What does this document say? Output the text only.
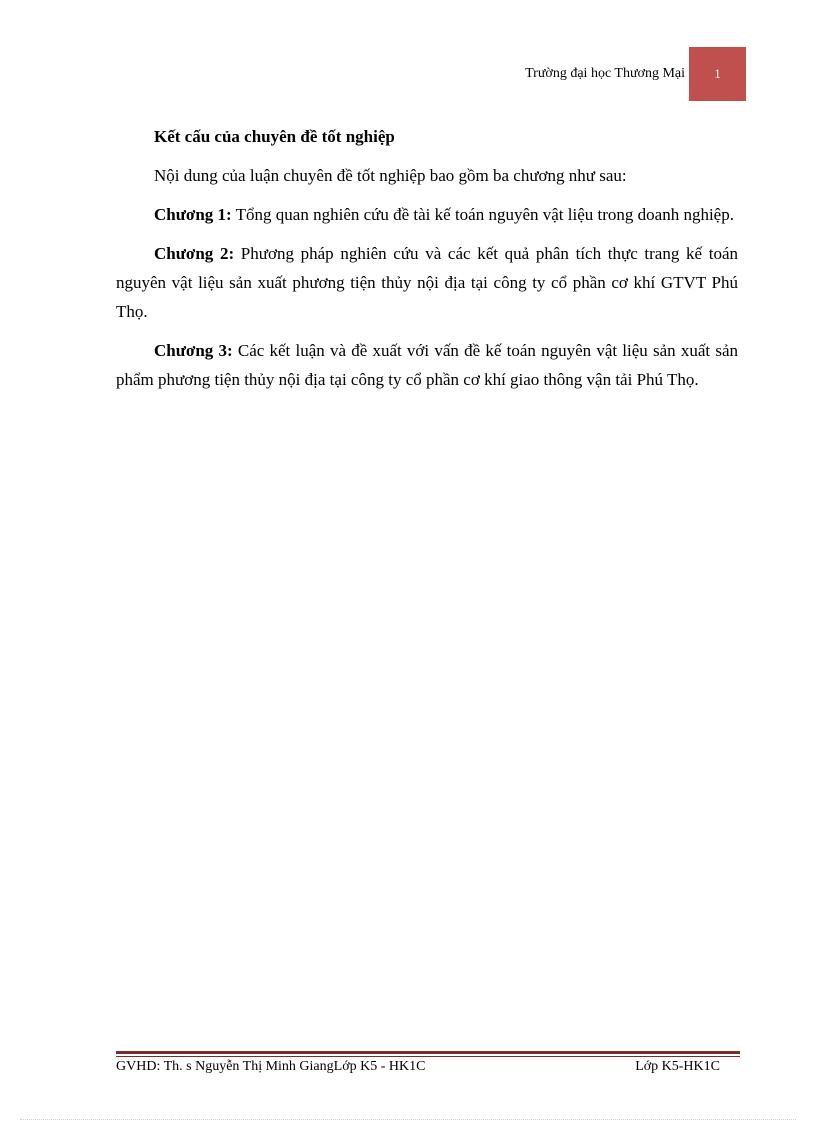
Trường đại học Thương Mại	1

Kết cấu của chuyên đề tốt nghiệp

Nội dung của luận chuyên đề tốt nghiệp bao gồm ba chương như sau:

Chương 1: Tổng quan nghiên cứu đề tài kế toán nguyên vật liệu trong doanh nghiệp.

Chương 2: Phương pháp nghiên cứu và các kết quả phân tích thực trang kế toán nguyên vật liệu sản xuất phương tiện thủy nội địa tại công ty cổ phần cơ khí GTVT Phú Thọ.

Chương 3: Các kết luận và đề xuất với vấn đề kế toán nguyên vật liệu sản xuất sản phẩm phương tiện thủy nội địa tại công ty cổ phần cơ khí giao thông vận tải Phú Thọ.

GVHD: Th. s Nguyễn Thị Minh GiangLớp K5 - HK1C	Lớp K5-HK1C
